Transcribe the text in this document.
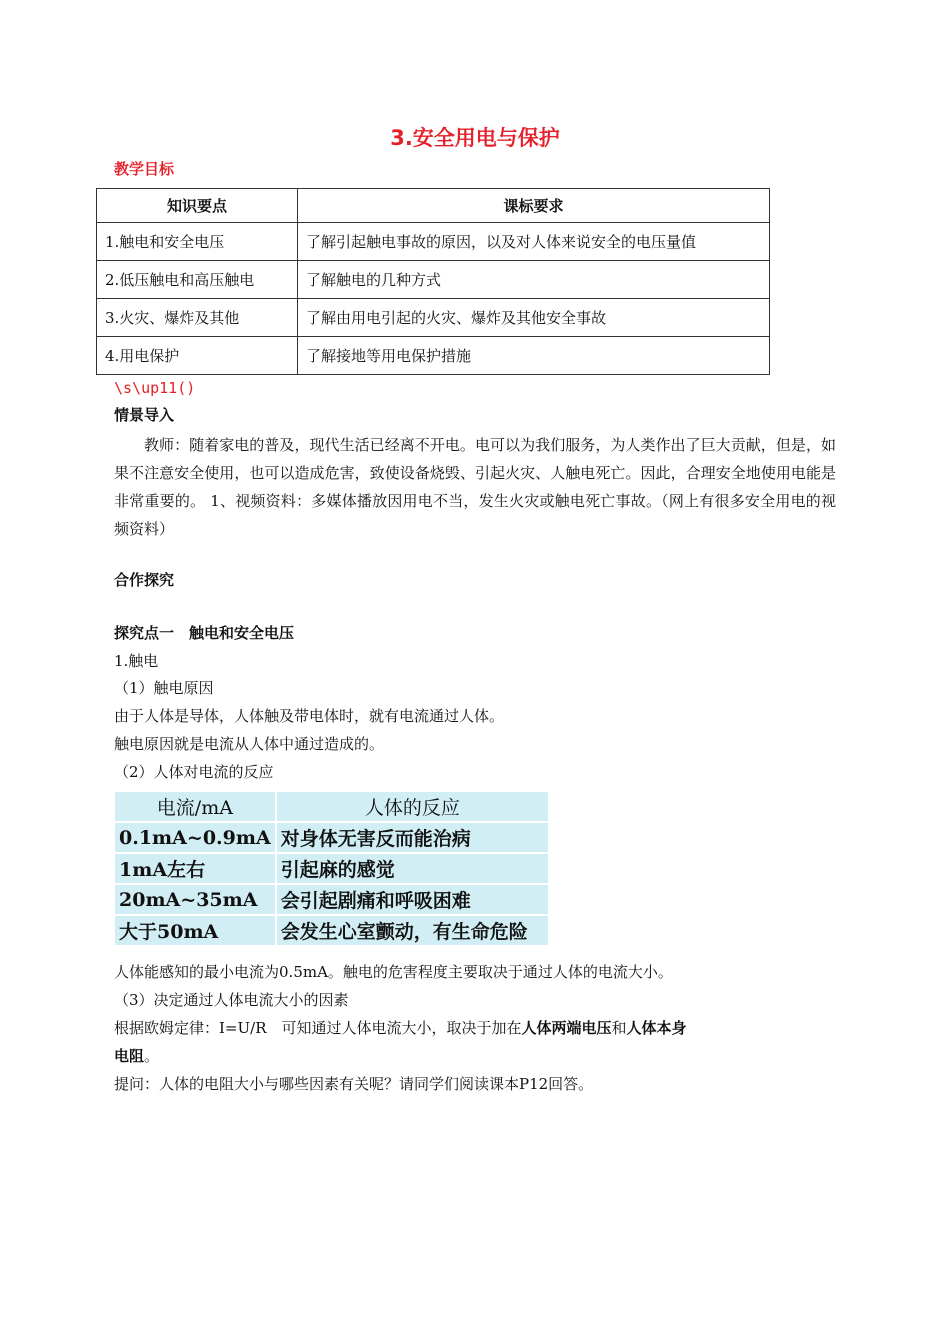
3.安全用电与保护
教学目标
知识要点	课标要求
1.触电和安全电压	了解引起触电事故的原因，以及对人体来说安全的电压量值
2.低压触电和高压触电	了解触电的几种方式
3.火灾、爆炸及其他	了解由用电引起的火灾、爆炸及其他安全事故
4.用电保护	了解接地等用电保护措施
\s\up11()
情景导入
教师：随着家电的普及，现代生活已经离不开电。电可以为我们服务，为人类作出了巨大贡献，但是，如果不注意安全使用，也可以造成危害，致使设备烧毁、引起火灾、人触电死亡。因此，合理安全地使用电能是非常重要的。 1、视频资料：多媒体播放因用电不当，发生火灾或触电死亡事故。（网上有很多安全用电的视频资料）
合作探究
探究点一　触电和安全电压
1.触电
（1）触电原因
由于人体是导体，人体触及带电体时，就有电流通过人体。
触电原因就是电流从人体中通过造成的。
（2）人体对电流的反应
电流/mA	人体的反应
0.1mA~0.9mA	对身体无害反而能治病
1mA左右	引起麻的感觉
20mA~35mA	会引起剧痛和呼吸困难
大于50mA	会发生心室颤动，有生命危险
人体能感知的最小电流为0.5mA。触电的危害程度主要取决于通过人体的电流大小。
（3）决定通过人体电流大小的因素
根据欧姆定律：I=U/R　可知通过人体电流大小，取决于加在人体两端电压和人体本身
电阻。
提问：人体的电阻大小与哪些因素有关呢？请同学们阅读课本P12回答。
